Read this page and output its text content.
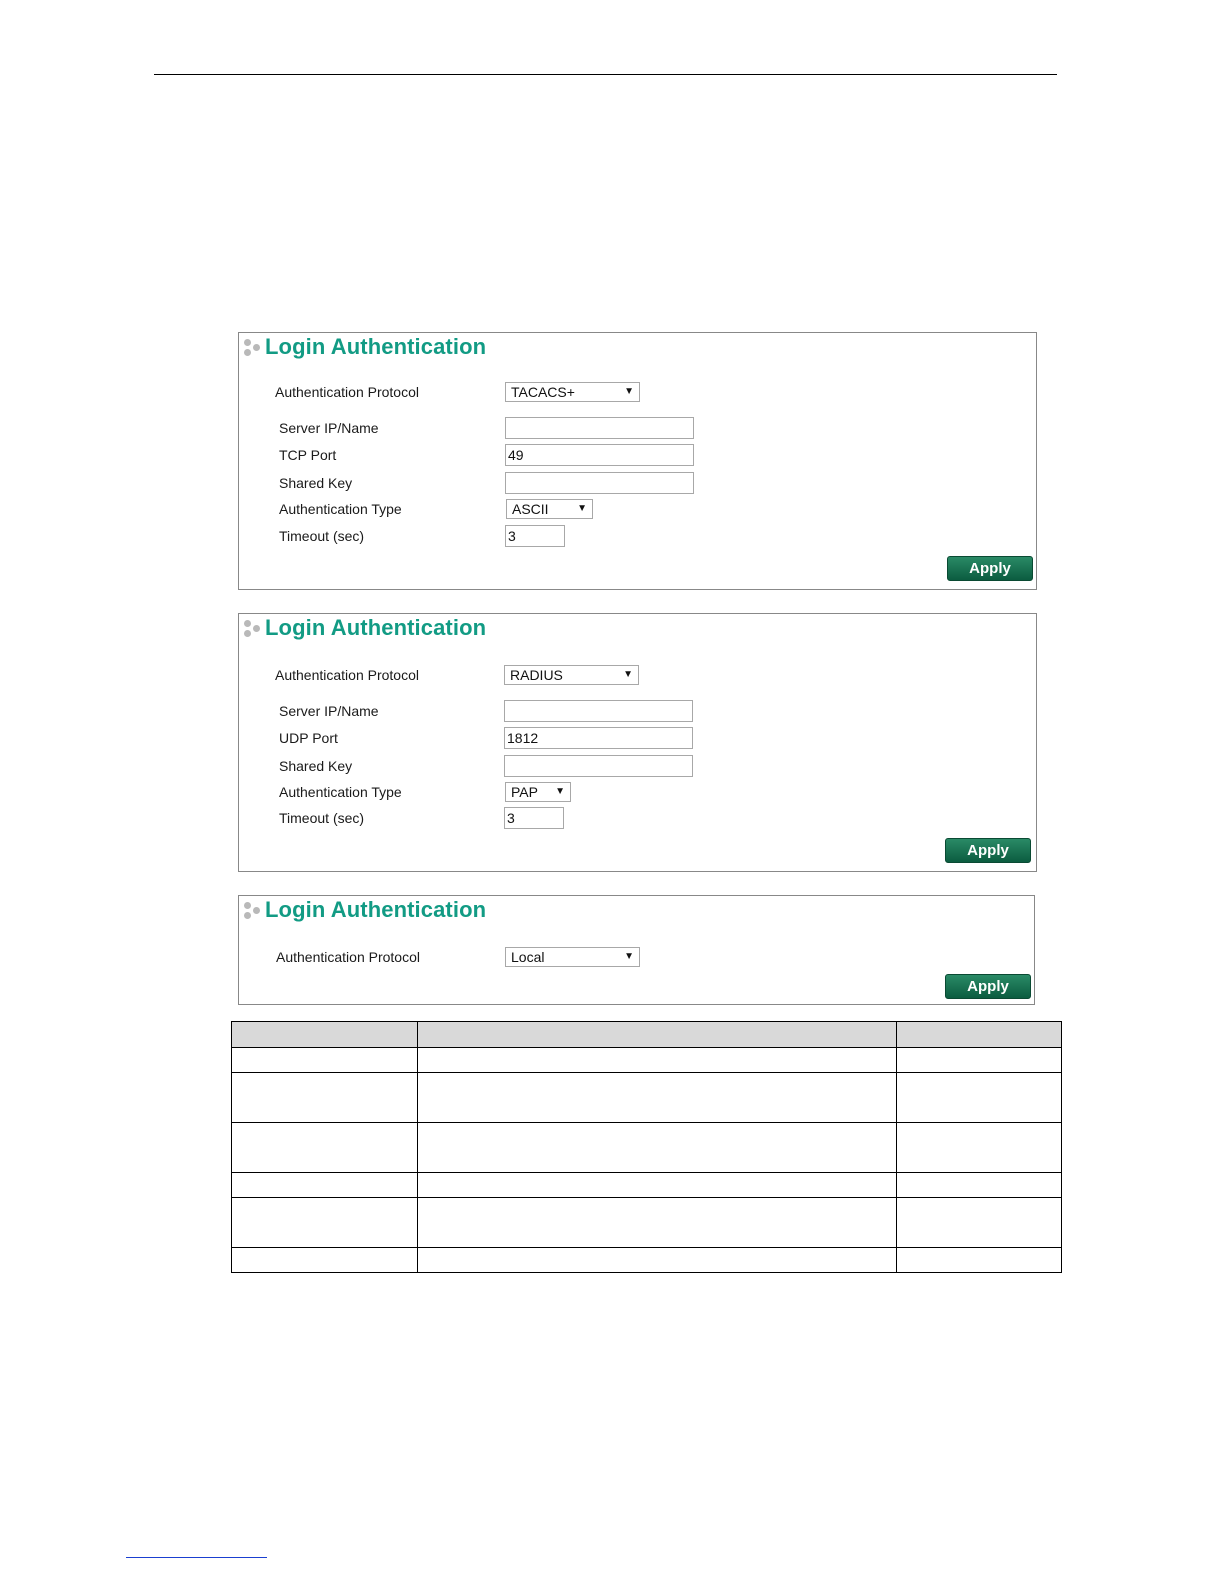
Login Authentication
Authentication Protocol	TACACS+	▼
Server IP/Name
TCP Port	49
Shared Key
Authentication Type	ASCII	▼
Timeout (sec)	3
Apply
Login Authentication
Authentication Protocol	RADIUS	▼
Server IP/Name
UDP Port	1812
Shared Key
Authentication Type	PAP ▼
Timeout (sec)	3
Apply
Login Authentication
Authentication Protocol	Local	▼
Apply
